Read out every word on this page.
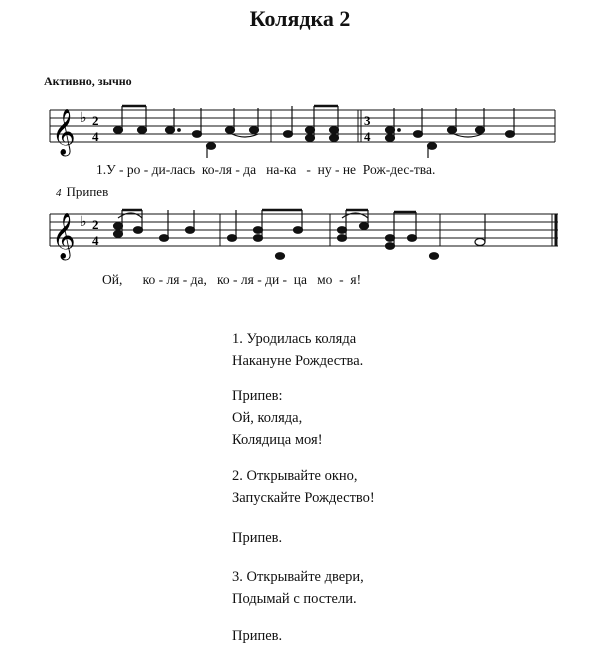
Колядка 2
Активно, зычно
𝄞 ♭ 2
4
3
4
1.У - ро - ди-лась  ко-ля - да   на-ка   -  ну - не  Рож-дес-тва.
4 Припев
𝄞 ♭ 2
4
Ой,      ко - ля - да,   ко - ля - ди -  ца   мо  -  я!
1. Уродилась коляда
Накануне Рождества.
Припев:
Ой, коляда,
Колядица моя!
2. Открывайте окно,
Запускайте Рождество!
Припев.
3. Открывайте двери,
Подымай с постели.
Припев.
